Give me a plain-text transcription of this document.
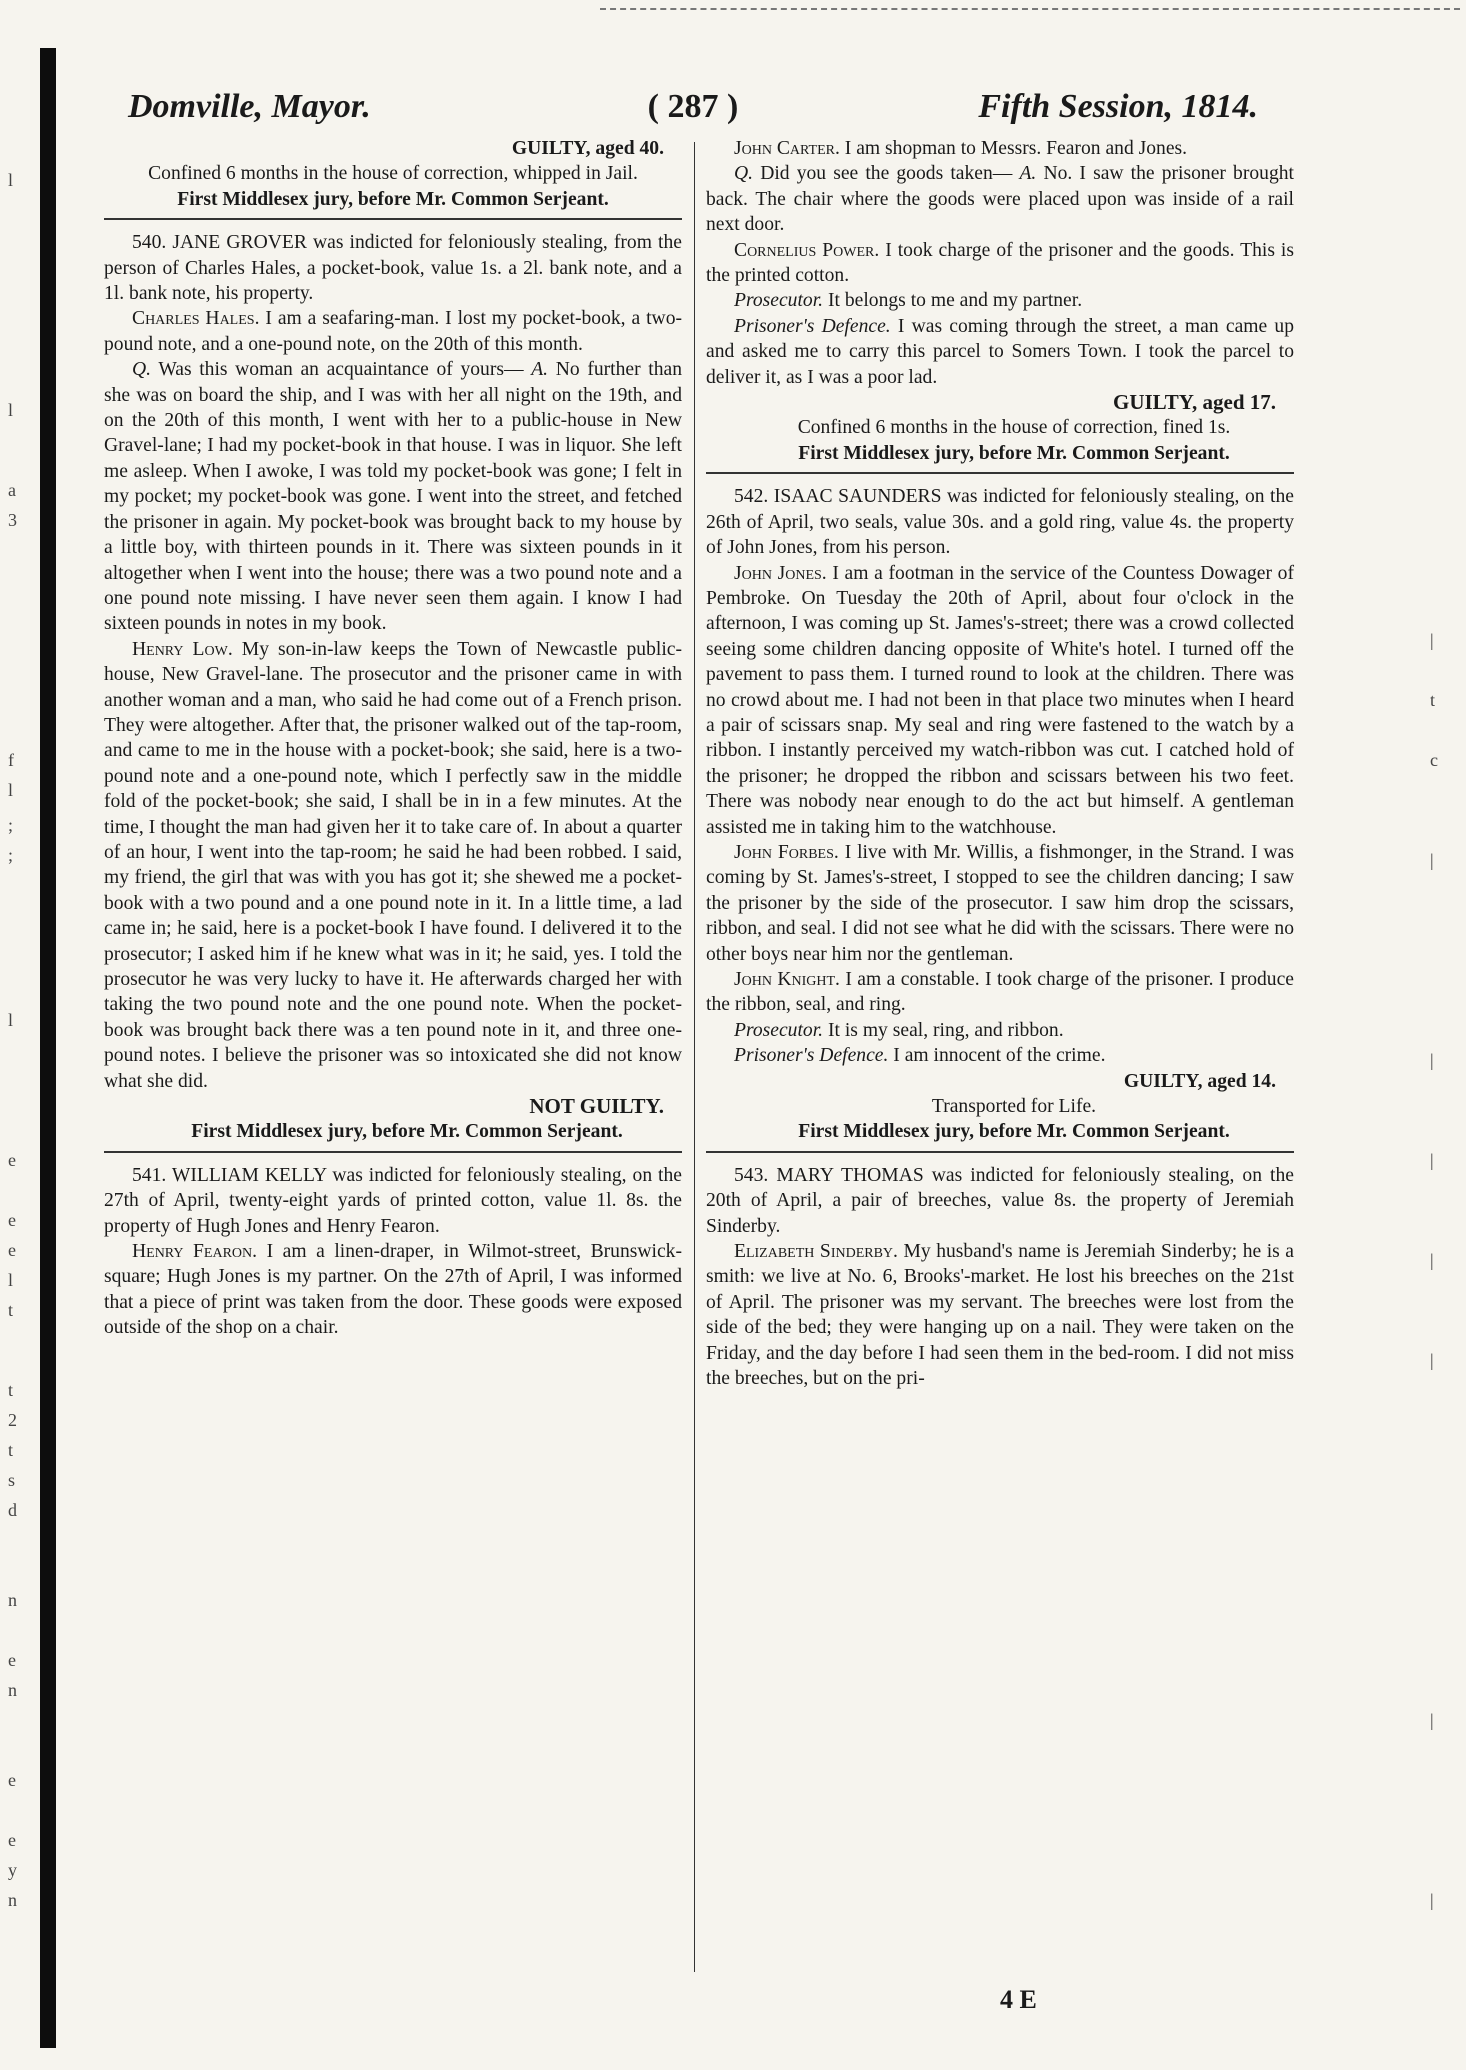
l
l
a
3
f
l
;
;
l
e
e
e
l
t
t
2
t
s
d
n
e
n
e
e
y
n
|
t
c
|
|
|
|
|
|
|
Domville, Mayor.	( 287 )	Fifth Session, 1814.

GUILTY, aged 40.

Confined 6 months in the house of correction, whipped in Jail.

First Middlesex jury, before Mr. Common Serjeant.

540. JANE GROVER was indicted for feloniously stealing, from the person of Charles Hales, a pocket-book, value 1s. a 2l. bank note, and a 1l. bank note, his property.

Charles Hales. I am a seafaring-man. I lost my pocket-book, a two-pound note, and a one-pound note, on the 20th of this month.

Q. Was this woman an acquaintance of yours— A. No further than she was on board the ship, and I was with her all night on the 19th, and on the 20th of this month, I went with her to a public-house in New Gravel-lane; I had my pocket-book in that house. I was in liquor. She left me asleep. When I awoke, I was told my pocket-book was gone; I felt in my pocket; my pocket-book was gone. I went into the street, and fetched the prisoner in again. My pocket-book was brought back to my house by a little boy, with thirteen pounds in it. There was sixteen pounds in it altogether when I went into the house; there was a two pound note and a one pound note missing. I have never seen them again. I know I had sixteen pounds in notes in my book.

Henry Low. My son-in-law keeps the Town of Newcastle public-house, New Gravel-lane. The prosecutor and the prisoner came in with another woman and a man, who said he had come out of a French prison. They were altogether. After that, the prisoner walked out of the tap-room, and came to me in the house with a pocket-book; she said, here is a two-pound note and a one-pound note, which I perfectly saw in the middle fold of the pocket-book; she said, I shall be in in a few minutes. At the time, I thought the man had given her it to take care of. In about a quarter of an hour, I went into the tap-room; he said he had been robbed. I said, my friend, the girl that was with you has got it; she shewed me a pocket-book with a two pound and a one pound note in it. In a little time, a lad came in; he said, here is a pocket-book I have found. I delivered it to the prosecutor; I asked him if he knew what was in it; he said, yes. I told the prosecutor he was very lucky to have it. He afterwards charged her with taking the two pound note and the one pound note. When the pocket-book was brought back there was a ten pound note in it, and three one-pound notes. I believe the prisoner was so intoxicated she did not know what she did.

NOT GUILTY.

First Middlesex jury, before Mr. Common Serjeant.

541. WILLIAM KELLY was indicted for feloniously stealing, on the 27th of April, twenty-eight yards of printed cotton, value 1l. 8s. the property of Hugh Jones and Henry Fearon.

Henry Fearon. I am a linen-draper, in Wilmot-street, Brunswick-square; Hugh Jones is my partner. On the 27th of April, I was informed that a piece of print was taken from the door. These goods were exposed outside of the shop on a chair.

John Carter. I am shopman to Messrs. Fearon and Jones.

Q. Did you see the goods taken— A. No. I saw the prisoner brought back. The chair where the goods were placed upon was inside of a rail next door.

Cornelius Power. I took charge of the prisoner and the goods. This is the printed cotton.

Prosecutor. It belongs to me and my partner.

Prisoner's Defence. I was coming through the street, a man came up and asked me to carry this parcel to Somers Town. I took the parcel to deliver it, as I was a poor lad.

GUILTY, aged 17.

Confined 6 months in the house of correction, fined 1s.

First Middlesex jury, before Mr. Common Serjeant.

542. ISAAC SAUNDERS was indicted for feloniously stealing, on the 26th of April, two seals, value 30s. and a gold ring, value 4s. the property of John Jones, from his person.

John Jones. I am a footman in the service of the Countess Dowager of Pembroke. On Tuesday the 20th of April, about four o'clock in the afternoon, I was coming up St. James's-street; there was a crowd collected seeing some children dancing opposite of White's hotel. I turned off the pavement to pass them. I turned round to look at the children. There was no crowd about me. I had not been in that place two minutes when I heard a pair of scissars snap. My seal and ring were fastened to the watch by a ribbon. I instantly perceived my watch-ribbon was cut. I catched hold of the prisoner; he dropped the ribbon and scissars between his two feet. There was nobody near enough to do the act but himself. A gentleman assisted me in taking him to the watchhouse.

John Forbes. I live with Mr. Willis, a fishmonger, in the Strand. I was coming by St. James's-street, I stopped to see the children dancing; I saw the prisoner by the side of the prosecutor. I saw him drop the scissars, ribbon, and seal. I did not see what he did with the scissars. There were no other boys near him nor the gentleman.

John Knight. I am a constable. I took charge of the prisoner. I produce the ribbon, seal, and ring.

Prosecutor. It is my seal, ring, and ribbon.

Prisoner's Defence. I am innocent of the crime.

GUILTY, aged 14.

Transported for Life.

First Middlesex jury, before Mr. Common Serjeant.

543. MARY THOMAS was indicted for feloniously stealing, on the 20th of April, a pair of breeches, value 8s. the property of Jeremiah Sinderby.

Elizabeth Sinderby. My husband's name is Jeremiah Sinderby; he is a smith: we live at No. 6, Brooks'-market. He lost his breeches on the 21st of April. The prisoner was my servant. The breeches were lost from the side of the bed; they were hanging up on a nail. They were taken on the Friday, and the day before I had seen them in the bed-room. I did not miss the breeches, but on the pri-

4 E
